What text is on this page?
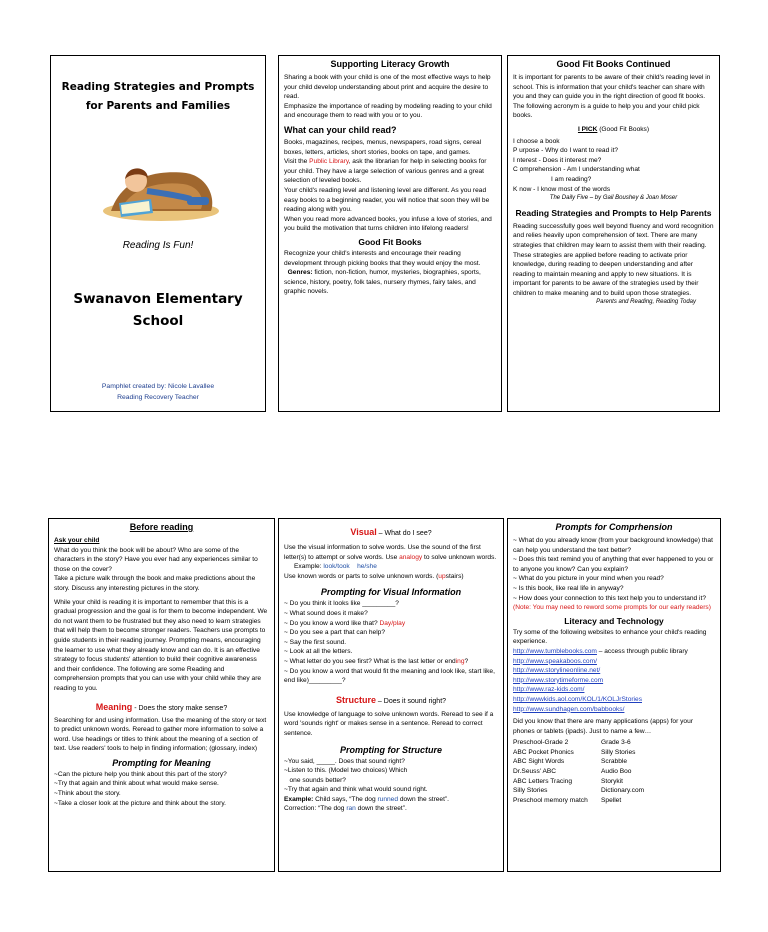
Reading Strategies and Prompts
for Parents and Families
Reading Is Fun!
Swanavon Elementary
School
Pamphlet created by: Nicole Lavallee
Reading Recovery Teacher
Supporting Literacy Growth

Sharing a book with your child is one of the most effective ways to help your child develop understanding about print and acquire the desire to read.

Emphasize the importance of reading by modeling reading to your child and encourage them to read with you or to you.

What can your child read?

Books, magazines, recipes, menus, newspapers, road signs, cereal boxes, letters, articles, short stories, books on tape, and games.

Visit the Public Library, ask the librarian for help in selecting books for your child. They have a large selection of various genres and a great selection of leveled books.

Your child's reading level and listening level are different. As you read easy books to a beginning reader, you will notice that soon they will be reading along with you.

When you read more advanced books, you infuse a love of stories, and you build the motivation that turns children into lifelong readers!

Good Fit Books

Recognize your child's interests and encourage their reading development through picking books that they would enjoy the most.

Genres: fiction, non-fiction, humor, mysteries, biographies, sports, science, history, poetry, folk tales, nursery rhymes, fairy tales, and graphic novels.

Good Fit Books Continued

It is important for parents to be aware of their child's reading level in school. This is information that your child's teacher can share with you and they can guide you in the right direction of good fit books. The following acronym is a guide to help you and your child pick books.

I PICK (Good Fit Books)

I choose a book

P urpose - Why do I want to read it?

I nterest - Does it interest me?

C omprehension - Am I understanding what

I am reading?

K now - I know most of the words

The Daily Five – by Gail Boushey & Joan Moser

Reading Strategies and Prompts to Help Parents

Reading successfully goes well beyond fluency and word recognition and relies heavily upon comprehension of text. There are many strategies that children may learn to assist them with their reading. These strategies are applied before reading to activate prior knowledge, during reading to deepen understanding and after reading to maintain meaning and apply to new situations. It is important for parents to be aware of the strategies used by their children to make meaning and to build upon those strategies.

Parents and Reading, Reading Today

Before reading

Ask your child

What do you think the book will be about? Who are some of the characters in the story? Have you ever had any experiences similar to those on the cover?

Take a picture walk through the book and make predictions about the story. Discuss any interesting pictures in the story.

While your child is reading it is important to remember that this is a gradual progression and the goal is for them to become independent. We do not want them to be frustrated but they also need to learn strategies that will help them to become stronger readers. Teachers use prompts to guide students in their reading journey. Prompting means, encouraging the learner to use what they already know and can do. It is an effective strategy to focus students' attention to build their cognitive awareness and their confidence. The following are some Reading and comprehension prompts that you can use with your child while they are reading to you.

Meaning - Does the story make sense?

Searching for and using information. Use the meaning of the story or text to predict unknown words. Reread to gather more information to solve a word. Use headings or titles to think about the meaning of a section of text. Use readers' tools to help in finding information; (glossary, index)

Prompting for Meaning

~Can the picture help you think about this part of the story?

~Try that again and think about what would make sense.

~Think about the story.

~Take a closer look at the picture and think about the story.

Visual – What do I see?

Use the visual information to solve words. Use the sound of the first letter(s) to attempt or solve words. Use analogy to solve unknown words.

Example: look/took he/she

Use known words or parts to solve unknown words. (upstairs)

Prompting for Visual Information

~ Do you think it looks like _________?

~ What sound does it make?

~ Do you know a word like that? Day/play

~ Do you see a part that can help?

~ Say the first sound.

~ Look at all the letters.

~ What letter do you see first? What is the last letter or ending?

~ Do you know a word that would fit the meaning and look like, start like, end like)_________?

Structure – Does it sound right?

Use knowledge of language to solve unknown words. Reread to see if a word 'sounds right' or makes sense in a sentence. Reread to correct sentence.

Prompting for Structure

~You said, _____. Does that sound right?

~Listen to this. (Model two choices) Which

one sounds better?

~Try that again and think what would sound right.

Example: Child says, “The dog runned down the street”.

Correction: “The dog ran down the street”.

Prompts for Comprhension

~ What do you already know (from your background knowledge) that can help you understand the text better?

~ Does this text remind you of anything that ever happened to you or to anyone you know? Can you explain?

~ What do you picture in your mind when you read?

~ Is this book, like real life in anyway?

~ How does your connection to this text help you to understand it?

(Note: You may need to reword some prompts for our early readers)

Literacy and Technology

Try some of the following websites to enhance your child's reading experience.

http://www.tumblebooks.com – access through public library

http://www.speakaboos.com/

http://www.storylineonline.net/

http://www.storytimeforme.com

http://www.raz-kids.com/

http://wwwkids.aol.com/KOL/1/KOLJrStories

http://www.sundhagen.com/babbooks/

Did you know that there are many applications (apps) for your phones or tablets (ipads). Just to name a few…

Preschool-Grade 2
ABC Pocket Phonics
ABC Sight Words
Dr.Seuss' ABC
ABC Letters Tracing
Silly Stories
Preschool memory match
Grade 3-6
Silly Stories
Scrabble
Audio Boo
Storykit
Dictionary.com
Spellet
